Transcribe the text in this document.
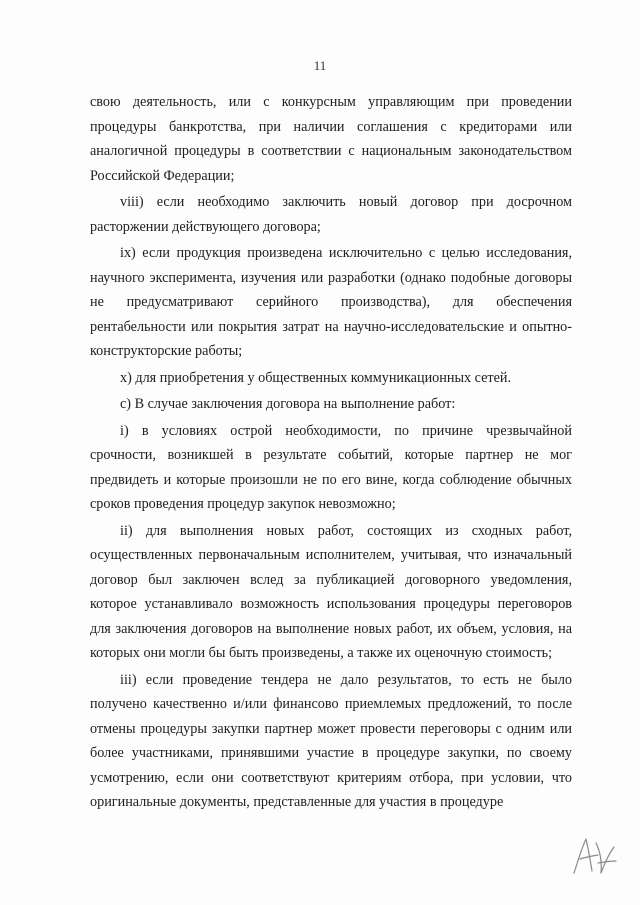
11

свою деятельность, или с конкурсным управляющим при проведении процедуры банкротства, при наличии соглашения с кредиторами или аналогичной процедуры в соответствии с национальным законодательством Российской Федерации;

viii) если необходимо заключить новый договор при досрочном расторжении действующего договора;

ix) если продукция произведена исключительно с целью исследования, научного эксперимента, изучения или разработки (однако подобные договоры не предусматривают серийного производства), для обеспечения рентабельности или покрытия затрат на научно-исследовательские и опытно-конструкторские работы;

x) для приобретения у общественных коммуникационных сетей.

c) В случае заключения договора на выполнение работ:

i) в условиях острой необходимости, по причине чрезвычайной срочности, возникшей в результате событий, которые партнер не мог предвидеть и которые произошли не по его вине, когда соблюдение обычных сроков проведения процедур закупок невозможно;

ii) для выполнения новых работ, состоящих из сходных работ, осуществленных первоначальным исполнителем, учитывая, что изначальный договор был заключен вслед за публикацией договорного уведомления, которое устанавливало возможность использования процедуры переговоров для заключения договоров на выполнение новых работ, их объем, условия, на которых они могли бы быть произведены, а также их оценочную стоимость;

iii) если проведение тендера не дало результатов, то есть не было получено качественно и/или финансово приемлемых предложений, то после отмены процедуры закупки партнер может провести переговоры с одним или более участниками, принявшими участие в процедуре закупки, по своему усмотрению, если они соответствуют критериям отбора, при условии, что оригинальные документы, представленные для участия в процедуре
